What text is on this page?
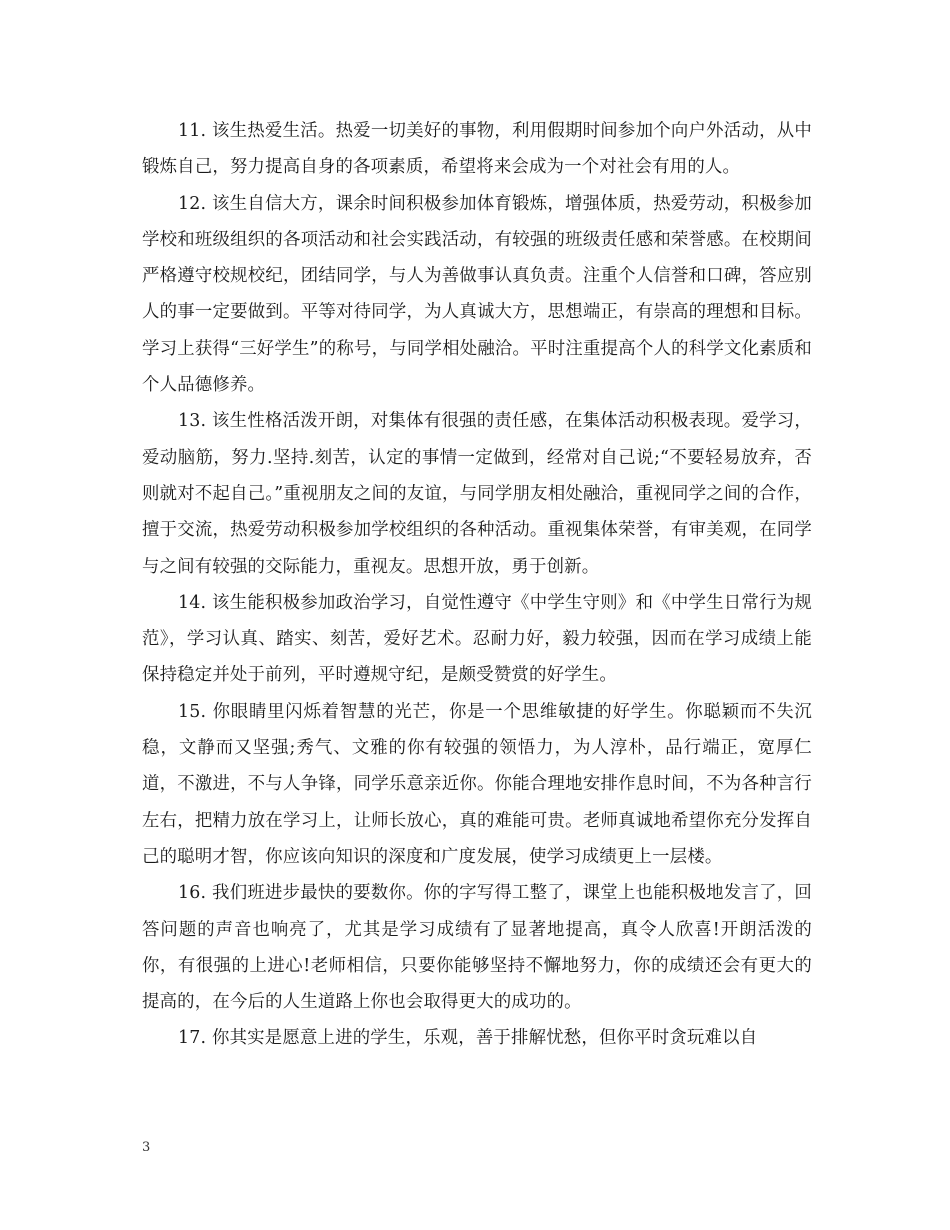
11. 该生热爱生活。热爱一切美好的事物，利用假期时间参加个向户外活动，从中锻炼自己，努力提高自身的各项素质，希望将来会成为一个对社会有用的人。

12. 该生自信大方，课余时间积极参加体育锻炼，增强体质，热爱劳动，积极参加学校和班级组织的各项活动和社会实践活动，有较强的班级责任感和荣誉感。在校期间严格遵守校规校纪，团结同学，与人为善做事认真负责。注重个人信誉和口碑，答应别人的事一定要做到。平等对待同学，为人真诚大方，思想端正，有崇高的理想和目标。学习上获得“三好学生”的称号，与同学相处融洽。平时注重提高个人的科学文化素质和个人品德修养。

13. 该生性格活泼开朗，对集体有很强的责任感，在集体活动积极表现。爱学习，爱动脑筋，努力.坚持.刻苦，认定的事情一定做到，经常对自己说;“不要轻易放弃，否则就对不起自己。”重视朋友之间的友谊，与同学朋友相处融洽，重视同学之间的合作，擅于交流，热爱劳动积极参加学校组织的各种活动。重视集体荣誉，有审美观，在同学与之间有较强的交际能力，重视友。思想开放，勇于创新。

14. 该生能积极参加政治学习，自觉性遵守《中学生守则》和《中学生日常行为规范》，学习认真、踏实、刻苦，爱好艺术。忍耐力好，毅力较强，因而在学习成绩上能保持稳定并处于前列，平时遵规守纪，是颇受赞赏的好学生。

15. 你眼睛里闪烁着智慧的光芒，你是一个思维敏捷的好学生。你聪颖而不失沉稳，文静而又坚强;秀气、文雅的你有较强的领悟力，为人淳朴，品行端正，宽厚仁道，不激进，不与人争锋，同学乐意亲近你。你能合理地安排作息时间，不为各种言行左右，把精力放在学习上，让师长放心，真的难能可贵。老师真诚地希望你充分发挥自己的聪明才智，你应该向知识的深度和广度发展，使学习成绩更上一层楼。

16. 我们班进步最快的要数你。你的字写得工整了，课堂上也能积极地发言了，回答问题的声音也响亮了，尤其是学习成绩有了显著地提高，真令人欣喜!开朗活泼的你，有很强的上进心!老师相信，只要你能够坚持不懈地努力，你的成绩还会有更大的提高的，在今后的人生道路上你也会取得更大的成功的。

17. 你其实是愿意上进的学生，乐观，善于排解忧愁，但你平时贪玩难以自

3
